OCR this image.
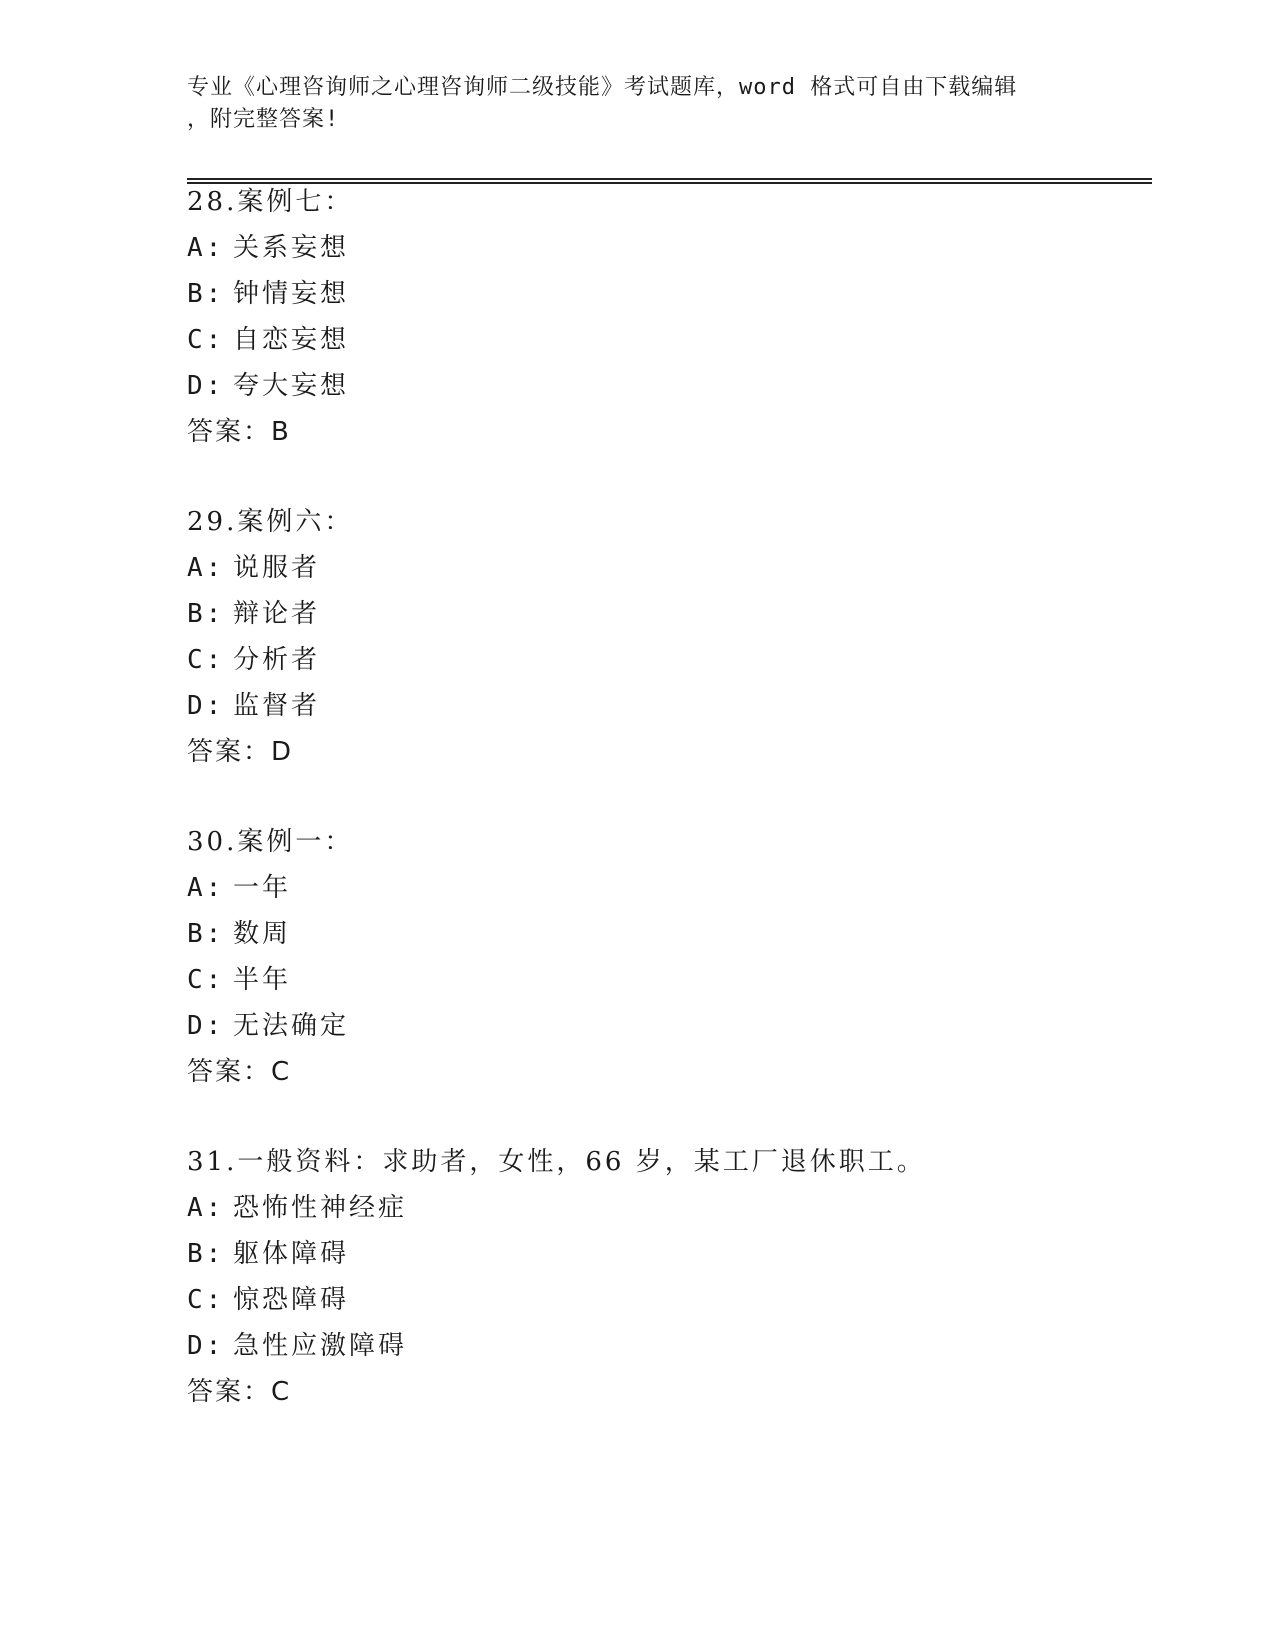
专业《心理咨询师之心理咨询师二级技能》考试题库，word 格式可自由下载编辑
，附完整答案!
28.案例七：
A: 关系妄想
B: 钟情妄想
C: 自恋妄想
D: 夸大妄想
答案：B
29.案例六：
A: 说服者
B: 辩论者
C: 分析者
D: 监督者
答案：D
30.案例一：
A: 一年
B: 数周
C: 半年
D: 无法确定
答案：C
31.一般资料：求助者，女性，66 岁，某工厂退休职工。
A: 恐怖性神经症
B: 躯体障碍
C: 惊恐障碍
D: 急性应激障碍
答案：C
